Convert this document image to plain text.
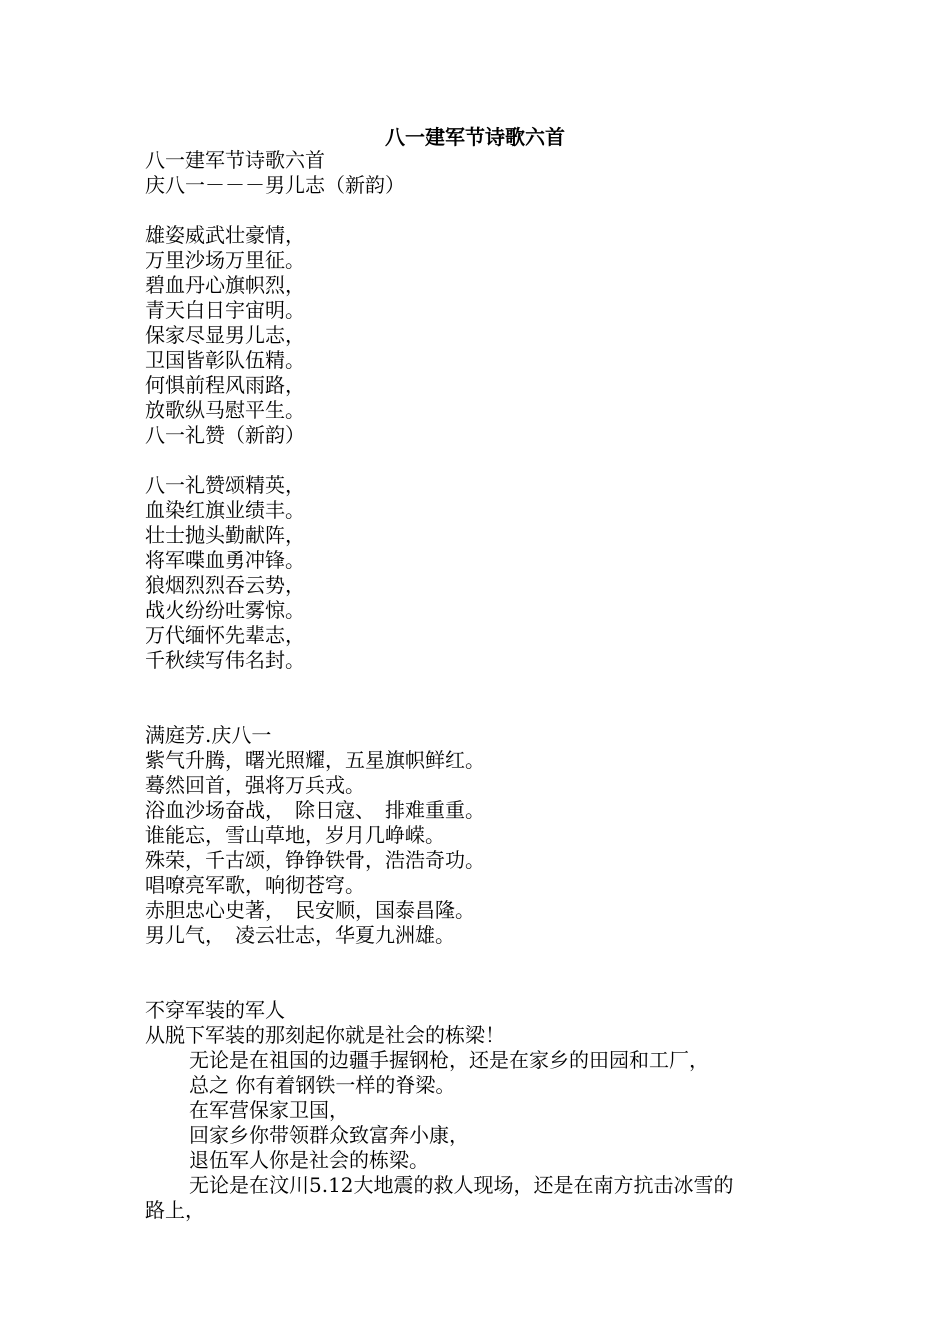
八一建军节诗歌六首
八一建军节诗歌六首
庆八一－－－男儿志（新韵）
雄姿威武壮豪情，
万里沙场万里征。
碧血丹心旗帜烈，
青天白日宇宙明。
保家尽显男儿志，
卫国皆彰队伍精。
何惧前程风雨路，
放歌纵马慰平生。
八一礼赞（新韵）
八一礼赞颂精英，
血染红旗业绩丰。
壮士抛头勤献阵，
将军喋血勇冲锋。
狼烟烈烈吞云势，
战火纷纷吐雾惊。
万代缅怀先辈志，
千秋续写伟名封。
满庭芳.庆八一
紫气升腾，曙光照耀，五星旗帜鲜红。
蓦然回首，强将万兵戎。
浴血沙场奋战，　除日寇、　排难重重。
谁能忘，雪山草地，岁月几峥嵘。
殊荣，千古颂，铮铮铁骨，浩浩奇功。
唱嘹亮军歌，响彻苍穹。
赤胆忠心史著，　民安顺，国泰昌隆。
男儿气，　凌云壮志，华夏九洲雄。
不穿军装的军人
从脱下军装的那刻起你就是社会的栋梁！
无论是在祖国的边疆手握钢枪，还是在家乡的田园和工厂，
总之 你有着钢铁一样的脊梁。
在军营保家卫国，
回家乡你带领群众致富奔小康，
退伍军人你是社会的栋梁。
无论是在汶川5.12大地震的救人现场，还是在南方抗击冰雪的
路上，
